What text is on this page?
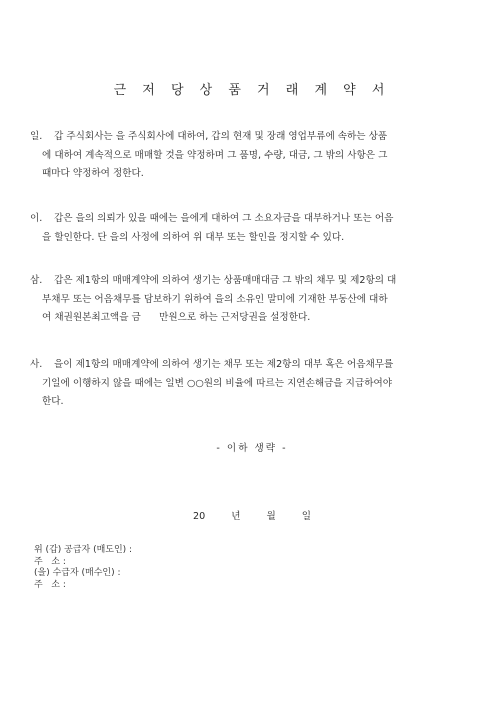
근 저 당 상 품 거 래 계 약 서
일. 갑 주식회사는 을 주식회사에 대하여, 갑의 현재 및 장래 영업부류에 속하는 상품
에 대하여 계속적으로 매매할 것을 약정하며 그 품명, 수량, 대금, 그 밖의 사항은 그
때마다 약정하여 정한다.
이. 갑은 을의 의뢰가 있을 때에는 을에게 대하여 그 소요자금을 대부하거나 또는 어음
을 할인한다. 단 을의 사정에 의하여 위 대부 또는 할인을 정지할 수 있다.
삼. 갑은 제1항의 매매계약에 의하여 생기는 상품매매대금 그 밖의 채무 및 제2항의 대
부채무 또는 어음채무를 담보하기 위하여 을의 소유인 말미에 기재한 부동산에 대하
여 채권원본최고액을 금      만원으로 하는 근저당권을 설정한다.
사. 을이 제1항의 매매계약에 의하여 생기는 채무 또는 제2항의 대부 혹은 어음채무를
기일에 이행하지 않을 때에는 일변 ○○원의 비율에 따르는 지연손해금을 지급하여야
한다.
- 이하 생략 -
20	년	월	일
위 (갑) 공급자 (매도인) :
주   소 :
(을) 수급자 (매수인) :
주   소 :
